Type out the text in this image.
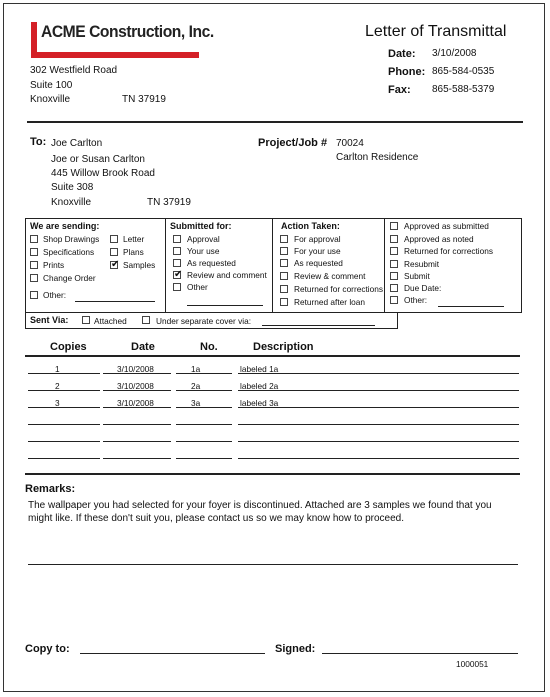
ACME Construction, Inc.	Letter of Transmittal
302 Westfield Road
Suite 100
Knoxville	TN 37919
Date: 3/10/2008
Phone: 865-584-0535
Fax: 865-588-5379
To: Joe Carlton
Joe or Susan Carlton
445 Willow Brook Road
Suite 308
Knoxville	TN 37919
Project/Job # 70024
Carlton Residence
We are sending:
Shop Drawings
Specifications
Prints
Change Order
Other:
Letter
Plans
✔ Samples
Submitted for:
Approval
Your use
As requested
✔ Review and comment
Other
Action Taken:
For approval
For your use
As requested
Review & comment
Returned for corrections
Returned after loan
Approved as submitted
Approved as noted
Returned for corrections
Resubmit
Submit
Due Date:
Other:
Sent Via:	Attached	Under separate cover via:
Copies	Date	No.	Description
1	3/10/2008	1a	labeled 1a
2	3/10/2008	2a	labeled 2a
3	3/10/2008	3a	labeled 3a
Remarks:
The wallpaper you had selected for your foyer is discontinued. Attached are 3 samples we found that you
might like. If these don't suit you, please contact us so we may know how to proceed.
Copy to:	Signed:
1000051
